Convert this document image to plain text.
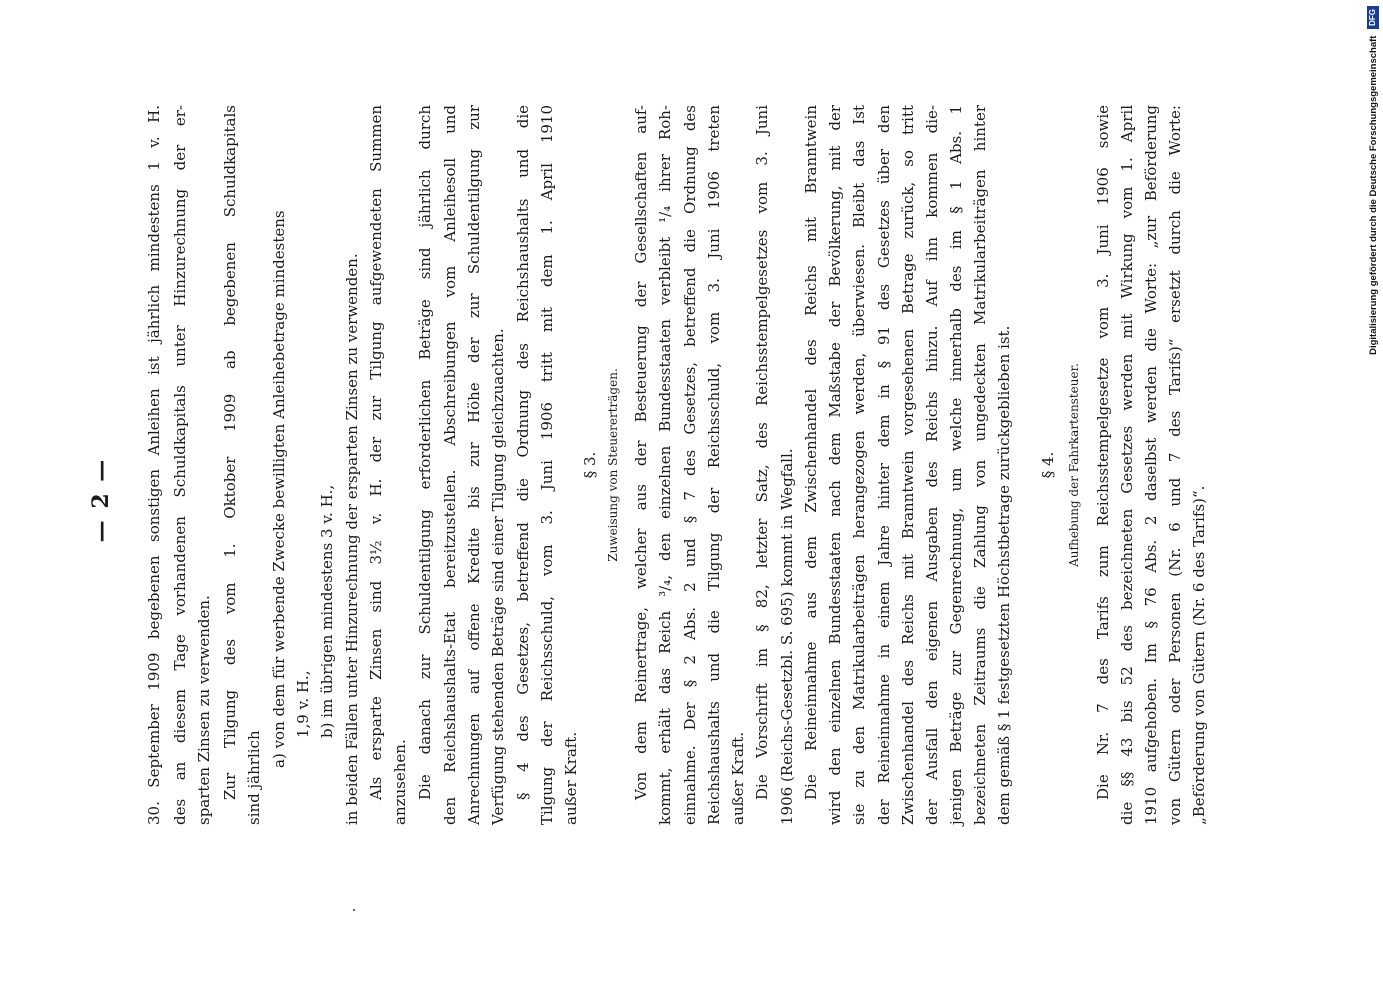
— 2 — 30. September 1909 begebenen sonstigen Anleihen ist jährlich mindestens 1 v. H. des an diesem Tage vorhandenen Schuldkapitals unter Hinzurechnung der er- sparten Zinsen zu verwenden. Zur Tilgung des vom 1. Oktober 1909 ab begebenen Schuldkapitals sind jährlich
a) von dem für werbende Zwecke bewilligten Anleihebetrage mindestens 1,9 v. H., b) im übrigen mindestens 3 v. H., in beiden Fällen unter Hinzurechnung der ersparten Zinsen zu verwenden. Als ersparte Zinsen sind 3½ v. H. der zur Tilgung aufgewendeten Summen anzusehen. Die danach zur Schuldentilgung erforderlichen Beträge sind jährlich durch den Reichshaushalts-Etat bereitzustellen. Abschreibungen vom Anleihesoll und Anrechnungen auf offene Kredite bis zur Höhe der zur Schuldentilgung zur Verfügung stehenden Beträge sind einer Tilgung gleichzuachten. § 4 des Gesetzes, betreffend die Ordnung des Reichshaushalts und die Tilgung der Reichsschuld, vom 3. Juni 1906 tritt mit dem 1. April 1910 außer Kraft.
§ 3. Zuweisung von Steuererträgen. Von dem Reinertrage, welcher aus der Besteuerung der Gesellschaften auf- kommt, erhält das Reich ³/₄, den einzelnen Bundesstaaten verbleibt ¹/₄ ihrer Roh- einnahme. Der § 2 Abs. 2 und § 7 des Gesetzes, betreffend die Ordnung des Reichshaushalts und die Tilgung der Reichsschuld, vom 3. Juni 1906 treten außer Kraft. Die Vorschrift im § 82, letzter Satz, des Reichsstempelgesetzes vom 3. Juni 1906 (Reichs-Gesetzbl. S. 695) kommt in Wegfall. Die Reineinnahme aus dem Zwischenhandel des Reichs mit Branntwein wird den einzelnen Bundesstaaten nach dem Maßstabe der Bevölkerung, mit der sie zu den Matrikularbeiträgen herangezogen werden, überwiesen. Bleibt das Ist der Reineinnahme in einem Jahre hinter dem in § 91 des Gesetzes über den Zwischenhandel des Reichs mit Branntwein vorgesehenen Betrage zurück, so tritt der Ausfall den eigenen Ausgaben des Reichs hinzu. Auf ihn kommen die- jenigen Beträge zur Gegenrechnung, um welche innerhalb des im § 1 Abs. 1 bezeichneten Zeitraums die Zahlung von ungedeckten Matrikularbeiträgen hinter dem gemäß § 1 festgesetzten Höchstbetrage zurückgeblieben ist. § 4. Aufhebung der Fahrkartensteuer. Die Nr. 7 des Tarifs zum Reichsstempelgesetze vom 3. Juni 1906 sowie die §§ 43 bis 52 des bezeichneten Gesetzes werden mit Wirkung vom 1. April 1910 aufgehoben. Im § 76 Abs. 2 daselbst werden die Worte: „zur Beförderung von Gütern oder Personen (Nr. 6 und 7 des Tarifs)“ ersetzt durch die Worte: „Beförderung von Gütern (Nr. 6 des Tarifs)“.
Digitalisierung gefördert durch die Deutsche Forschungsgemeinschaft DFG
